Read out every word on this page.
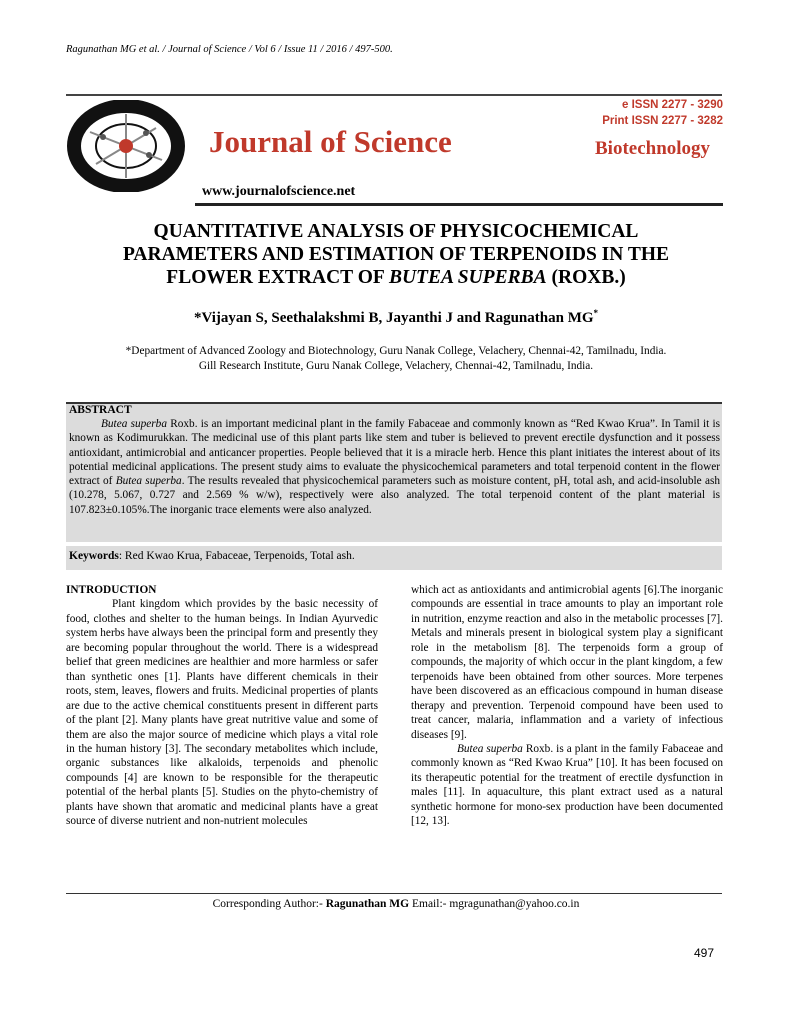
Ragunathan MG et al. / Journal of Science / Vol 6 / Issue 11 / 2016 / 497-500.
e ISSN 2277 - 3290
Print ISSN 2277 - 3282
Journal of Science	Biotechnology
www.journalofscience.net
QUANTITATIVE ANALYSIS OF PHYSICOCHEMICAL
PARAMETERS AND ESTIMATION OF TERPENOIDS IN THE
FLOWER EXTRACT OF BUTEA SUPERBA (ROXB.)
*Vijayan S, Seethalakshmi B, Jayanthi J and Ragunathan MG*
*Department of Advanced Zoology and Biotechnology, Guru Nanak College, Velachery, Chennai-42, Tamilnadu, India.
Gill Research Institute, Guru Nanak College, Velachery, Chennai-42, Tamilnadu, India.
ABSTRACT
Butea superba Roxb. is an important medicinal plant in the family Fabaceae and commonly known as “Red Kwao Krua”. In Tamil it is known as Kodimurukkan. The medicinal use of this plant parts like stem and tuber is believed to prevent erectile dysfunction and it possess antioxidant, antimicrobial and anticancer properties. People believed that it is a miracle herb. Hence this plant initiates the interest about of its potential medicinal applications. The present study aims to evaluate the physicochemical parameters and total terpenoid content in the flower extract of Butea superba. The results revealed that physicochemical parameters such as moisture content, pH, total ash, and acid-insoluble ash (10.278, 5.067, 0.727 and 2.569 % w/w), respectively were also analyzed. The total terpenoid content of the plant material is 107.823±0.105%.The inorganic trace elements were also analyzed.
Keywords: Red Kwao Krua, Fabaceae, Terpenoids, Total ash.

INTRODUCTION

Plant kingdom which provides by the basic necessity of food, clothes and shelter to the human beings. In Indian Ayurvedic system herbs have always been the principal form and presently they are becoming popular throughout the world. There is a widespread belief that green medicines are healthier and more harmless or safer than synthetic ones [1]. Plants have different chemicals in their roots, stem, leaves, flowers and fruits. Medicinal properties of plants are due to the active chemical constituents present in different parts of the plant [2]. Many plants have great nutritive value and some of them are also the major source of medicine which plays a vital role in the human history [3]. The secondary metabolites which include, organic substances like alkaloids, terpenoids and phenolic compounds [4] are known to be responsible for the therapeutic potential of the herbal plants [5]. Studies on the phyto-chemistry of plants have shown that aromatic and medicinal plants have a great source of diverse nutrient and non-nutrient molecules

which act as antioxidants and antimicrobial agents [6].The inorganic compounds are essential in trace amounts to play an important role in nutrition, enzyme reaction and also in the metabolic processes [7]. Metals and minerals present in biological system play a significant role in the metabolism [8]. The terpenoids form a group of compounds, the majority of which occur in the plant kingdom, a few terpenoids have been obtained from other sources. More terpenes have been discovered as an efficacious compound in human disease therapy and prevention. Terpenoid compound have been used to treat cancer, malaria, inflammation and a variety of infectious diseases [9].

Butea superba Roxb. is a plant in the family Fabaceae and commonly known as “Red Kwao Krua” [10]. It has been focused on its therapeutic potential for the treatment of erectile dysfunction in males [11]. In aquaculture, this plant extract used as a natural synthetic hormone for mono-sex production have been documented [12, 13].

Corresponding Author:- Ragunathan MG Email:- mgragunathan@yahoo.co.in
497
